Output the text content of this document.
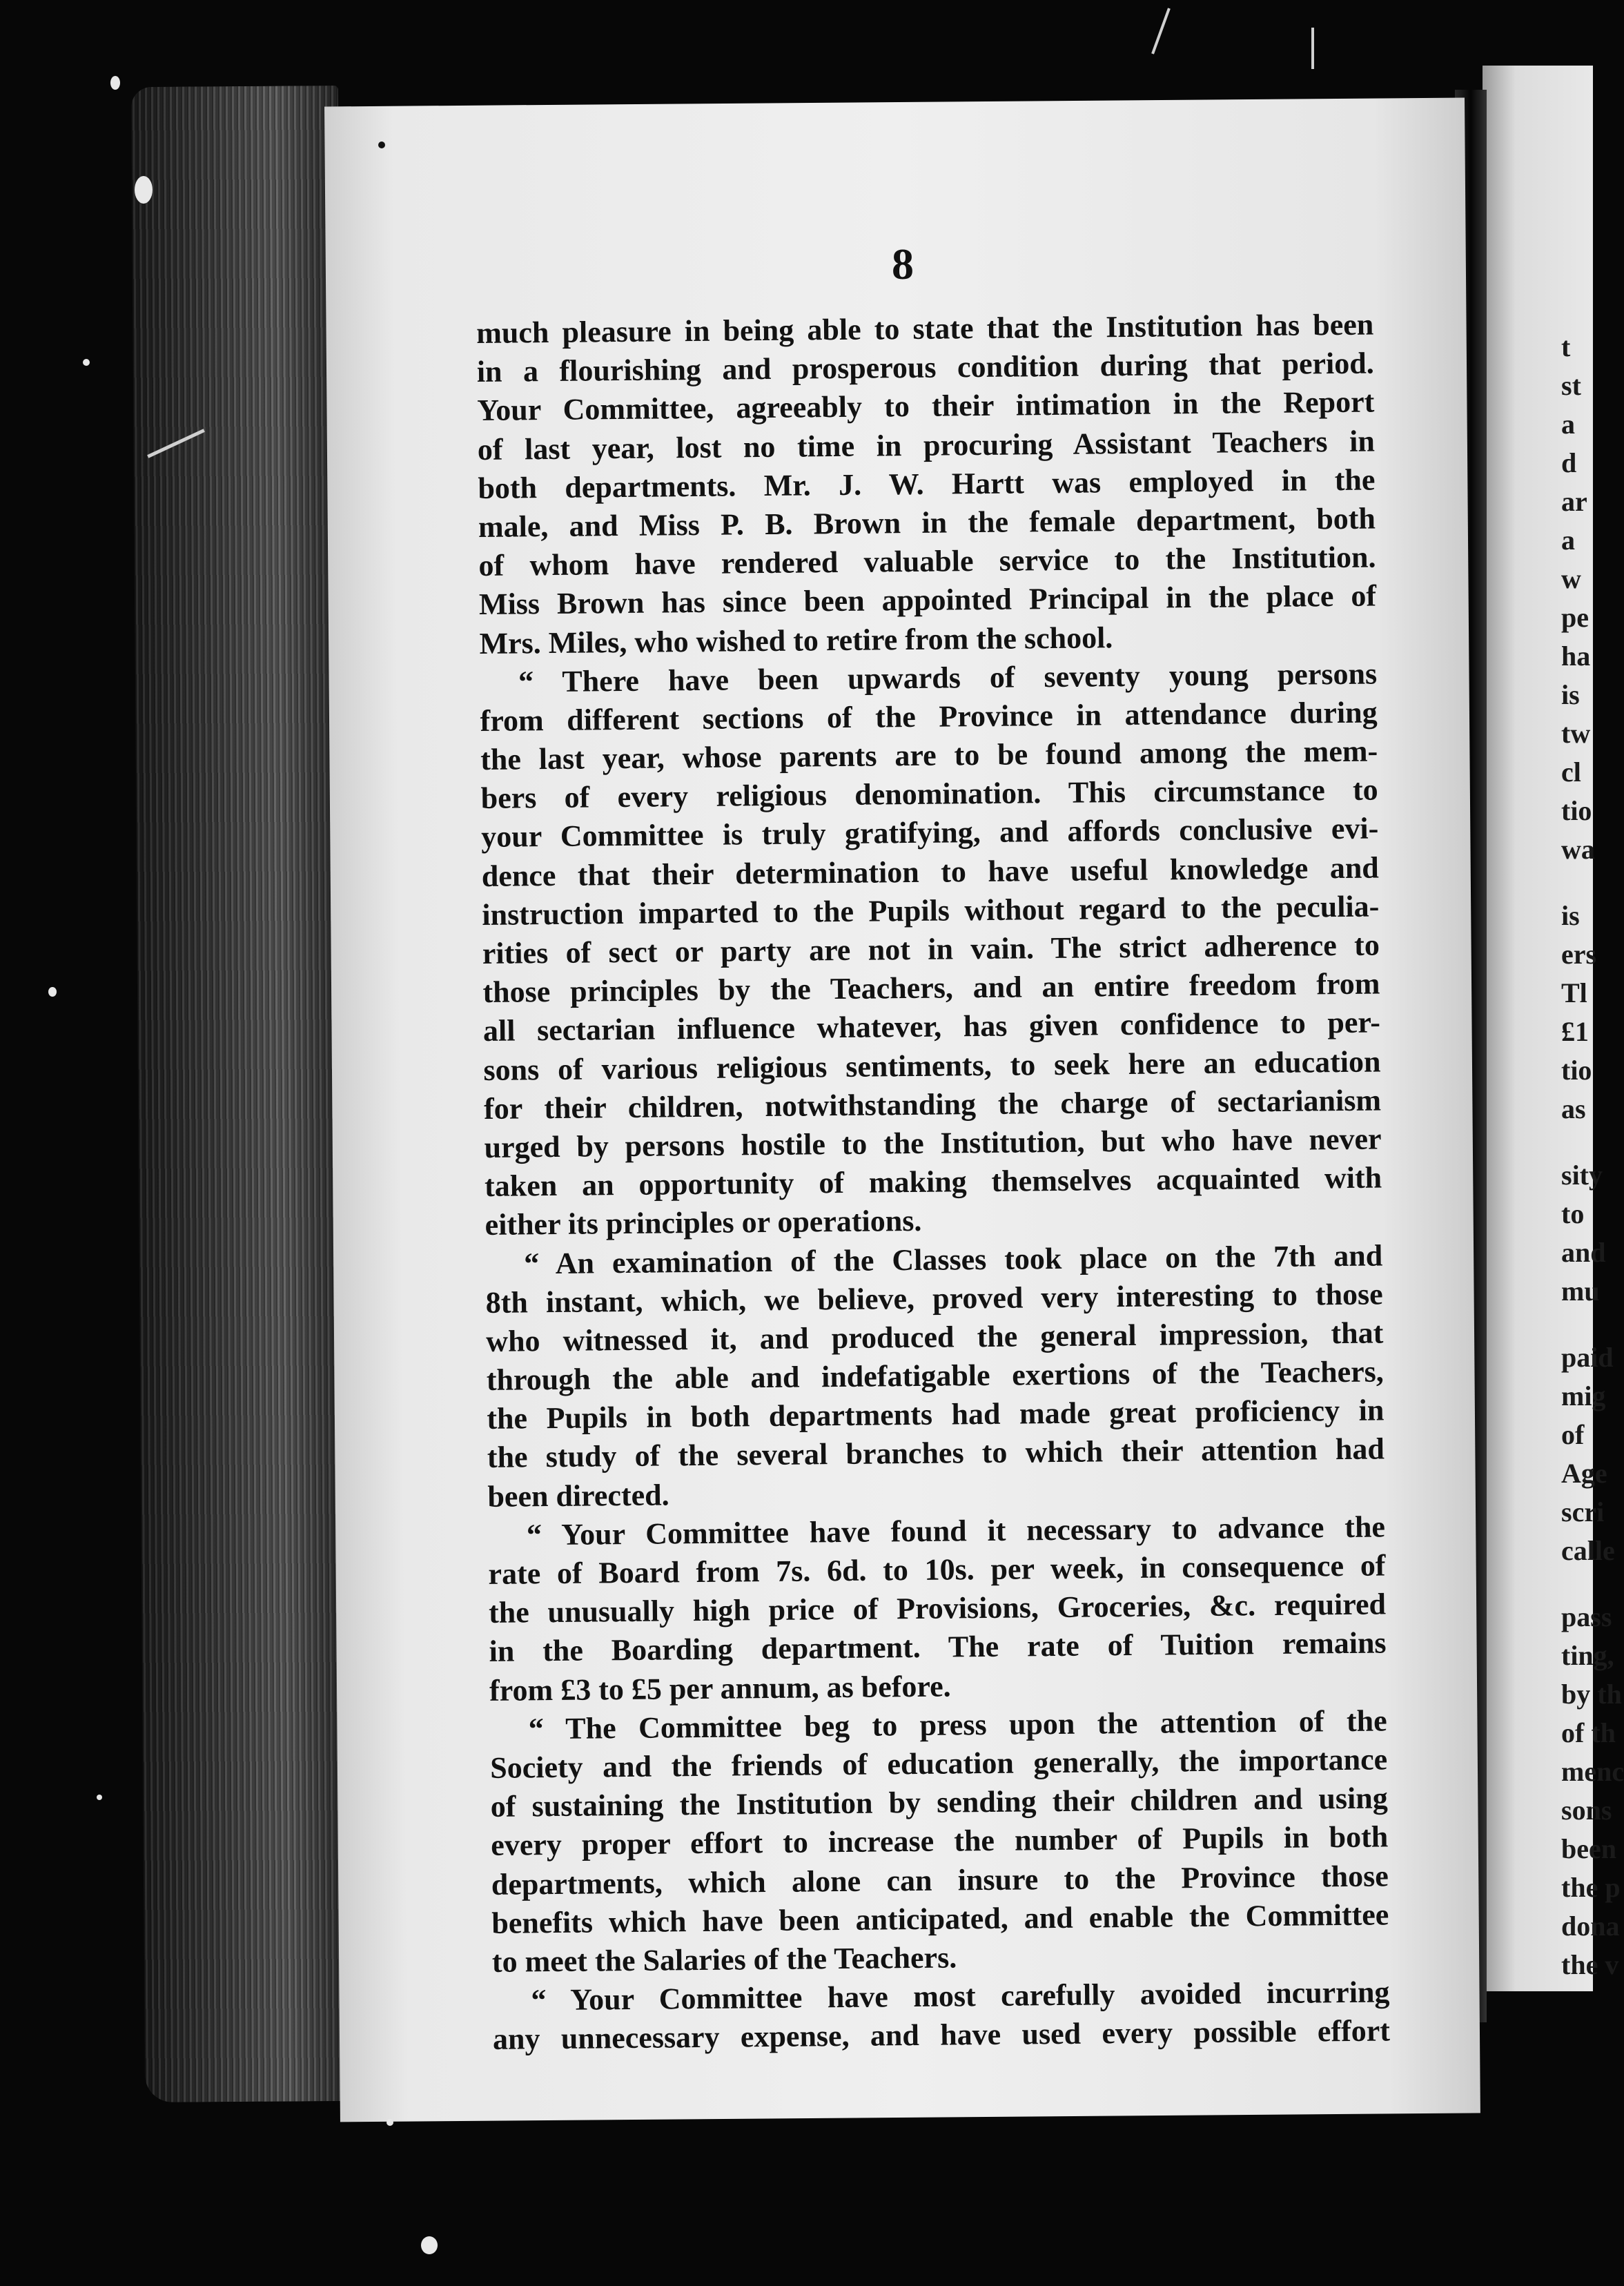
8
much pleasure in being able to state that the Institution has been
in a flourishing and prosperous condition during that period.
Your Committee, agreeably to their intimation in the Report
of last year, lost no time in procuring Assistant Teachers in
both departments. Mr. J. W. Hartt was employed in the
male, and Miss P. B. Brown in the female department, both
of whom have rendered valuable service to the Institution.
Miss Brown has since been appointed Principal in the place of
Mrs. Miles, who wished to retire from the school.
“ There have been upwards of seventy young persons
from different sections of the Province in attendance during
the last year, whose parents are to be found among the mem-
bers of every religious denomination. This circumstance to
your Committee is truly gratifying, and affords conclusive evi-
dence that their determination to have useful knowledge and
instruction imparted to the Pupils without regard to the peculia-
rities of sect or party are not in vain. The strict adherence to
those principles by the Teachers, and an entire freedom from
all sectarian influence whatever, has given confidence to per-
sons of various religious sentiments, to seek here an education
for their children, notwithstanding the charge of sectarianism
urged by persons hostile to the Institution, but who have never
taken an opportunity of making themselves acquainted with
either its principles or operations.
“ An examination of the Classes took place on the 7th and
8th instant, which, we believe, proved very interesting to those
who witnessed it, and produced the general impression, that
through the able and indefatigable exertions of the Teachers,
the Pupils in both departments had made great proficiency in
the study of the several branches to which their attention had
been directed.
“ Your Committee have found it necessary to advance the
rate of Board from 7s. 6d. to 10s. per week, in consequence of
the unusually high price of Provisions, Groceries, &c. required
in the Boarding department. The rate of Tuition remains
from £3 to £5 per annum, as before.
“ The Committee beg to press upon the attention of the
Society and the friends of education generally, the importance
of sustaining the Institution by sending their children and using
every proper effort to increase the number of Pupils in both
departments, which alone can insure to the Province those
benefits which have been anticipated, and enable the Committee
to meet the Salaries of the Teachers.
“ Your Committee have most carefully avoided incurring
any unnecessary expense, and have used every possible effort
t
st
a
d
ar
a
w
pe
ha
is
tw
cl
tio
wa
is
ers
Tl
£1
tio
as
sity
to
and
mu
paid
mig
of
Age
scri
calle
pass
ting,
by th
of th
menc
sons
been
the p
dona
the v
